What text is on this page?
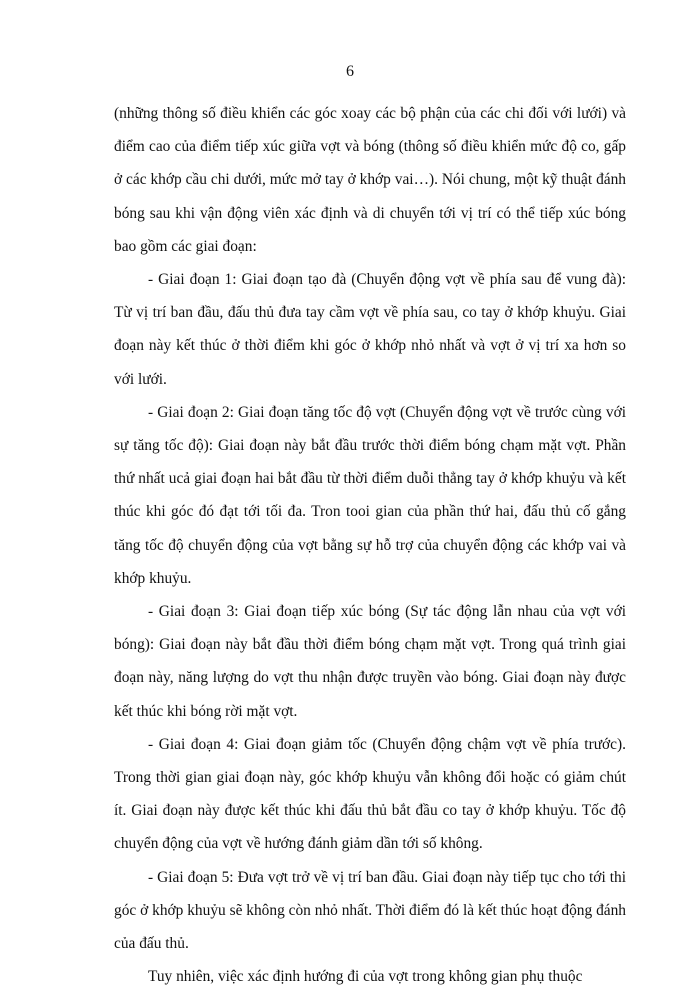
6

(những thông số điều khiển các góc xoay các bộ phận của các chi đối với lưới) và điểm cao của điểm tiếp xúc giữa vợt và bóng (thông số điều khiển mức độ co, gấp ở các khớp cầu chi dưới, mức mở tay ở khớp vai…). Nói chung, một kỹ thuật đánh bóng sau khi vận động viên xác định và di chuyển tới vị trí có thể tiếp xúc bóng bao gồm các giai đoạn:

- Giai đoạn 1: Giai đoạn tạo đà (Chuyển động vợt về phía sau để vung đà): Từ vị trí ban đầu, đấu thủ đưa tay cầm vợt về phía sau, co tay ở khớp khuỷu. Giai đoạn này kết thúc ở thời điểm khi góc ở khớp nhỏ nhất và vợt ở vị trí xa hơn so với lưới.

- Giai đoạn 2: Giai đoạn tăng tốc độ vợt (Chuyển động vợt về trước cùng với sự tăng tốc độ): Giai đoạn này bắt đầu trước thời điểm bóng chạm mặt vợt. Phần thứ nhất ucả giai đoạn hai bắt đầu từ thời điểm duỗi thẳng tay ở khớp khuỷu và kết thúc khi góc đó đạt tới tối đa. Tron tooi gian của phần thứ hai, đấu thủ cố gắng tăng tốc độ chuyển động của vợt bằng sự hỗ trợ của chuyển động các khớp vai và khớp khuỷu.

- Giai đoạn 3: Giai đoạn tiếp xúc bóng (Sự tác động lẫn nhau của vợt với bóng): Giai đoạn này bắt đầu thời điểm bóng chạm mặt vợt. Trong quá trình giai đoạn này, năng lượng do vợt thu nhận được truyền vào bóng. Giai đoạn này được kết thúc khi bóng rời mặt vợt.

- Giai đoạn 4: Giai đoạn giảm tốc (Chuyển động chậm vợt về phía trước). Trong thời gian giai đoạn này, góc khớp khuỷu vẫn không đổi hoặc có giảm chút ít. Giai đoạn này được kết thúc khi đấu thủ bắt đầu co tay ở khớp khuỷu. Tốc độ chuyển động của vợt về hướng đánh giảm dần tới số không.

- Giai đoạn 5: Đưa vợt trở về vị trí ban đầu. Giai đoạn này tiếp tục cho tới thi góc ở khớp khuỷu sẽ không còn nhỏ nhất. Thời điểm đó là kết thúc hoạt động đánh của đấu thủ.

Tuy nhiên, việc xác định hướng đi của vợt trong không gian phụ thuộc
